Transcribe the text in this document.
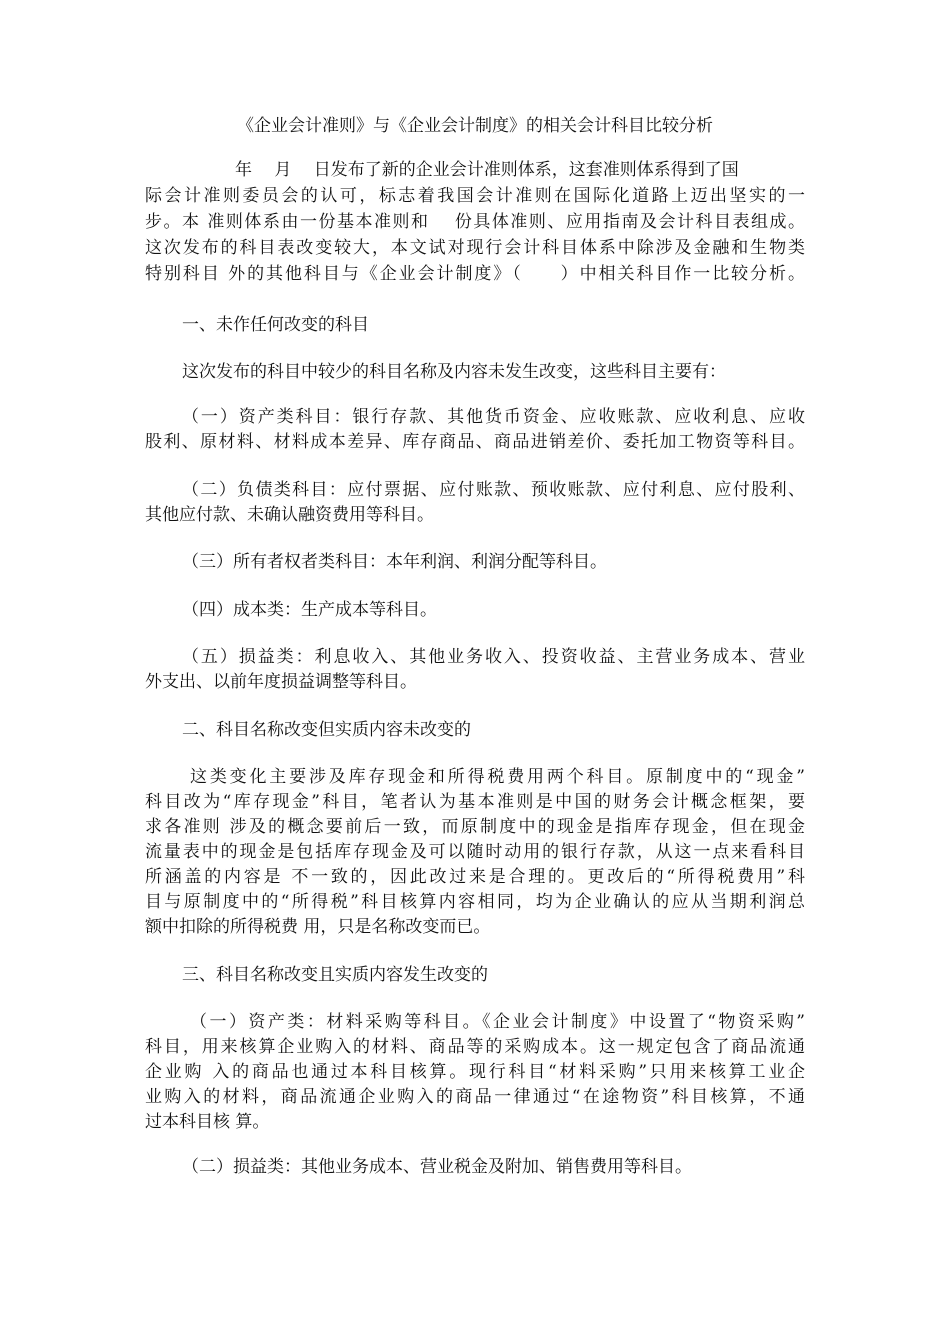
《企业会计准则》与《企业会计制度》的相关会计科目比较分析
年　 月　 日发布了新的企业会计准则体系，这套准则体系得到了国
际会计准则委员会的认可，标志着我国会计准则在国际化道路上迈出坚实的一
步。本 准则体系由一份基本准则和　 份具体准则、应用指南及会计科目表组成。
这次发布的科目表改变较大，本文试对现行会计科目体系中除涉及金融和生物类
特别科目 外的其他科目与《企业会计制度》（　　）中相关科目作一比较分析。
一、未作任何改变的科目
这次发布的科目中较少的科目名称及内容未发生改变，这些科目主要有：
（一）资产类科目：银行存款、其他货币资金、应收账款、应收利息、应收
股利、原材料、材料成本差异、库存商品、商品进销差价、委托加工物资等科目。
（二）负债类科目：应付票据、应付账款、预收账款、应付利息、应付股利、
其他应付款、未确认融资费用等科目。
（三）所有者权者类科目：本年利润、利润分配等科目。
（四）成本类：生产成本等科目。
（五）损益类：利息收入、其他业务收入、投资收益、主营业务成本、营业
外支出、以前年度损益调整等科目。
二、科目名称改变但实质内容未改变的
这类变化主要涉及库存现金和所得税费用两个科目。原制度中的“现金”
科目改为“库存现金”科目，笔者认为基本准则是中国的财务会计概念框架，要
求各准则 涉及的概念要前后一致，而原制度中的现金是指库存现金，但在现金
流量表中的现金是包括库存现金及可以随时动用的银行存款，从这一点来看科目
所涵盖的内容是 不一致的，因此改过来是合理的。更改后的“所得税费用”科
目与原制度中的“所得税”科目核算内容相同，均为企业确认的应从当期利润总
额中扣除的所得税费 用，只是名称改变而已。
三、科目名称改变且实质内容发生改变的
（一）资产类：材料采购等科目。《企业会计制度》中设置了“物资采购”
科目，用来核算企业购入的材料、商品等的采购成本。这一规定包含了商品流通
企业购 入的商品也通过本科目核算。现行科目“材料采购”只用来核算工业企
业购入的材料，商品流通企业购入的商品一律通过“在途物资”科目核算，不通
过本科目核 算。
（二）损益类：其他业务成本、营业税金及附加、销售费用等科目。
